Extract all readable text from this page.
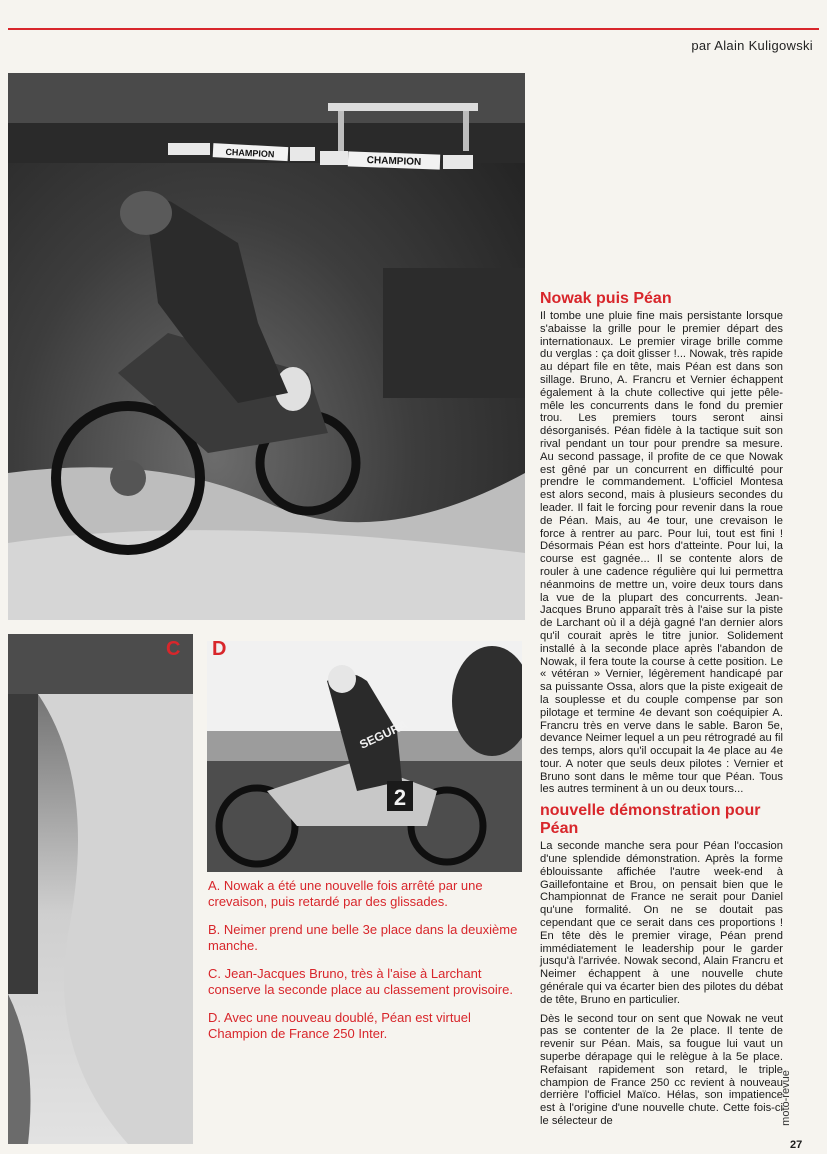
par Alain Kuligowski
CHAMPION
CHAMPION
C
SEGURA
2
D

A. Nowak a été une nouvelle fois arrêté par une crevaison, puis retardé par des glissades.

B. Neimer prend une belle 3e place dans la deuxième manche.

C. Jean-Jacques Bruno, très à l'aise à Larchant conserve la seconde place au classement provisoire.

D. Avec une nouveau doublé, Péan est virtuel Champion de France 250 Inter.

Nowak puis Péan

Il tombe une pluie fine mais persistante lorsque s'abaisse la grille pour le premier départ des internationaux. Le premier virage brille comme du verglas : ça doit glisser !... Nowak, très rapide au départ file en tête, mais Péan est dans son sillage. Bruno, A. Francru et Vernier échappent également à la chute collective qui jette pêle-mêle les concurrents dans le fond du premier trou. Les premiers tours seront ainsi désorganisés. Péan fidèle à la tactique suit son rival pendant un tour pour prendre sa mesure. Au second passage, il profite de ce que Nowak est gêné par un concurrent en difficulté pour prendre le commandement. L'officiel Montesa est alors second, mais à plusieurs secondes du leader. Il fait le forcing pour revenir dans la roue de Péan. Mais, au 4e tour, une crevaison le force à rentrer au parc. Pour lui, tout est fini ! Désormais Péan est hors d'atteinte. Pour lui, la course est gagnée... Il se contente alors de rouler à une cadence régulière qui lui permettra néanmoins de mettre un, voire deux tours dans la vue de la plupart des concurrents. Jean-Jacques Bruno apparaît très à l'aise sur la piste de Larchant où il a déjà gagné l'an dernier alors qu'il courait après le titre junior. Solidement installé à la seconde place après l'abandon de Nowak, il fera toute la course à cette position. Le « vétéran » Vernier, légèrement handicapé par sa puissante Ossa, alors que la piste exigeait de la souplesse et du couple compense par son pilotage et termine 4e devant son coéquipier A. Francru très en verve dans le sable. Baron 5e, devance Neimer lequel a un peu rétrogradé au fil des temps, alors qu'il occupait la 4e place au 4e tour. A noter que seuls deux pilotes : Vernier et Bruno sont dans le même tour que Péan. Tous les autres terminent à un ou deux tours...

nouvelle démonstration pour Péan

La seconde manche sera pour Péan l'occasion d'une splendide démonstration. Après la forme éblouissante affichée l'autre week-end à Gaillefontaine et Brou, on pensait bien que le Championnat de France ne serait pour Daniel qu'une formalité. On ne se doutait pas cependant que ce serait dans ces proportions ! En tête dès le premier virage, Péan prend immédiatement le leadership pour le garder jusqu'à l'arrivée. Nowak second, Alain Francru et Neimer échappent à une nouvelle chute générale qui va écarter bien des pilotes du débat de tête, Bruno en particulier.

Dès le second tour on sent que Nowak ne veut pas se contenter de la 2e place. Il tente de revenir sur Péan. Mais, sa fougue lui vaut un superbe dérapage qui le relègue à la 5e place. Refaisant rapidement son retard, le triple champion de France 250 cc revient à nouveau derrière l'officiel Maïco. Hélas, son impatience est à l'origine d'une nouvelle chute. Cette fois-ci le sélecteur de	moto-revue
27
